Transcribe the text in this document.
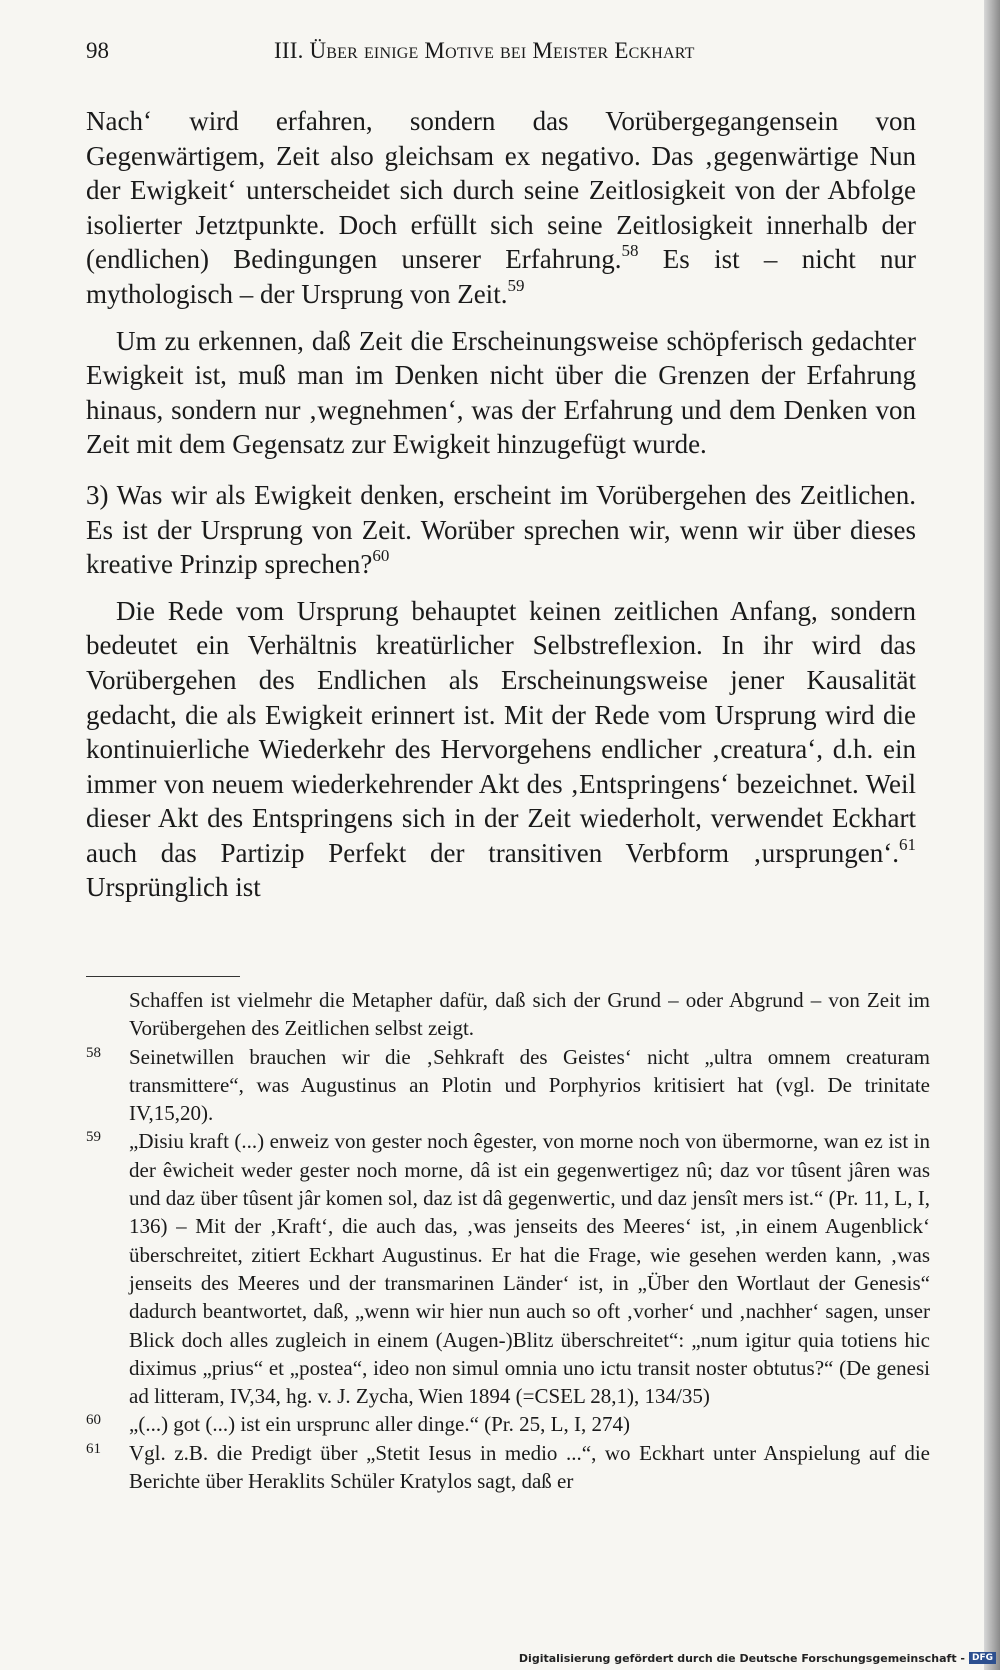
98	III. Über einige Motive bei Meister Eckhart

Nach‘ wird erfahren, sondern das Vorübergegangensein von Gegenwärtigem, Zeit also gleichsam ex negativo. Das ‚gegenwärtige Nun der Ewigkeit‘ unterscheidet sich durch seine Zeitlosigkeit von der Abfolge isolierter Jetztpunkte. Doch erfüllt sich seine Zeitlosigkeit innerhalb der (endlichen) Bedingungen unserer Erfahrung.$^{58}$ Es ist – nicht nur mythologisch – der Ursprung von Zeit.$^{59}$

Um zu erkennen, daß Zeit die Erscheinungsweise schöpferisch gedachter Ewigkeit ist, muß man im Denken nicht über die Grenzen der Erfahrung hinaus, sondern nur ‚wegnehmen‘, was der Erfahrung und dem Denken von Zeit mit dem Gegensatz zur Ewigkeit hinzugefügt wurde.

3) Was wir als Ewigkeit denken, erscheint im Vorübergehen des Zeitlichen. Es ist der Ursprung von Zeit. Worüber sprechen wir, wenn wir über dieses kreative Prinzip sprechen?$^{60}$

Die Rede vom Ursprung behauptet keinen zeitlichen Anfang, sondern bedeutet ein Verhältnis kreatürlicher Selbstreflexion. In ihr wird das Vorübergehen des Endlichen als Erscheinungsweise jener Kausalität gedacht, die als Ewigkeit erinnert ist. Mit der Rede vom Ursprung wird die kontinuierliche Wiederkehr des Hervorgehens endlicher ‚creatura‘, d.h. ein immer von neuem wiederkehrender Akt des ‚Entspringens‘ bezeichnet. Weil dieser Akt des Entspringens sich in der Zeit wiederholt, verwendet Eckhart auch das Partizip Perfekt der transitiven Verbform ‚ursprungen‘.$^{61}$ Ursprünglich ist

Schaffen ist vielmehr die Metapher dafür, daß sich der Grund – oder Abgrund – von Zeit im Vorübergehen des Zeitlichen selbst zeigt.
58 Seinetwillen brauchen wir die ‚Sehkraft des Geistes‘ nicht „ultra omnem creaturam transmittere“, was Augustinus an Plotin und Porphyrios kritisiert hat (vgl. De trinitate IV,15,20).
59 „Disiu kraft (...) enweiz von gester noch êgester, von morne noch von übermorne, wan ez ist in der êwicheit weder gester noch morne, dâ ist ein gegenwertigez nû; daz vor tûsent jâren was und daz über tûsent jâr komen sol, daz ist dâ gegenwertic, und daz jensît mers ist.“ (Pr. 11, L, I, 136) – Mit der ‚Kraft‘, die auch das, ‚was jenseits des Meeres‘ ist, ‚in einem Augenblick‘ überschreitet, zitiert Eckhart Augustinus. Er hat die Frage, wie gesehen werden kann, ‚was jenseits des Meeres und der transmarinen Länder‘ ist, in „Über den Wortlaut der Genesis“ dadurch beantwortet, daß, „wenn wir hier nun auch so oft ‚vorher‘ und ‚nachher‘ sagen, unser Blick doch alles zugleich in einem (Augen-)Blitz überschreitet“: „num igitur quia totiens hic diximus „prius“ et „postea“, ideo non simul omnia uno ictu transit noster obtutus?“ (De genesi ad litteram, IV,34, hg. v. J. Zycha, Wien 1894 (=CSEL 28,1), 134/35)
60 „(...) got (...) ist ein ursprunc aller dinge.“ (Pr. 25, L, I, 274)
61 Vgl. z.B. die Predigt über „Stetit Iesus in medio ...“, wo Eckhart unter Anspielung auf die Berichte über Heraklits Schüler Kratylos sagt, daß er
Digitalisierung gefördert durch die Deutsche Forschungsgemeinschaft - DFG
